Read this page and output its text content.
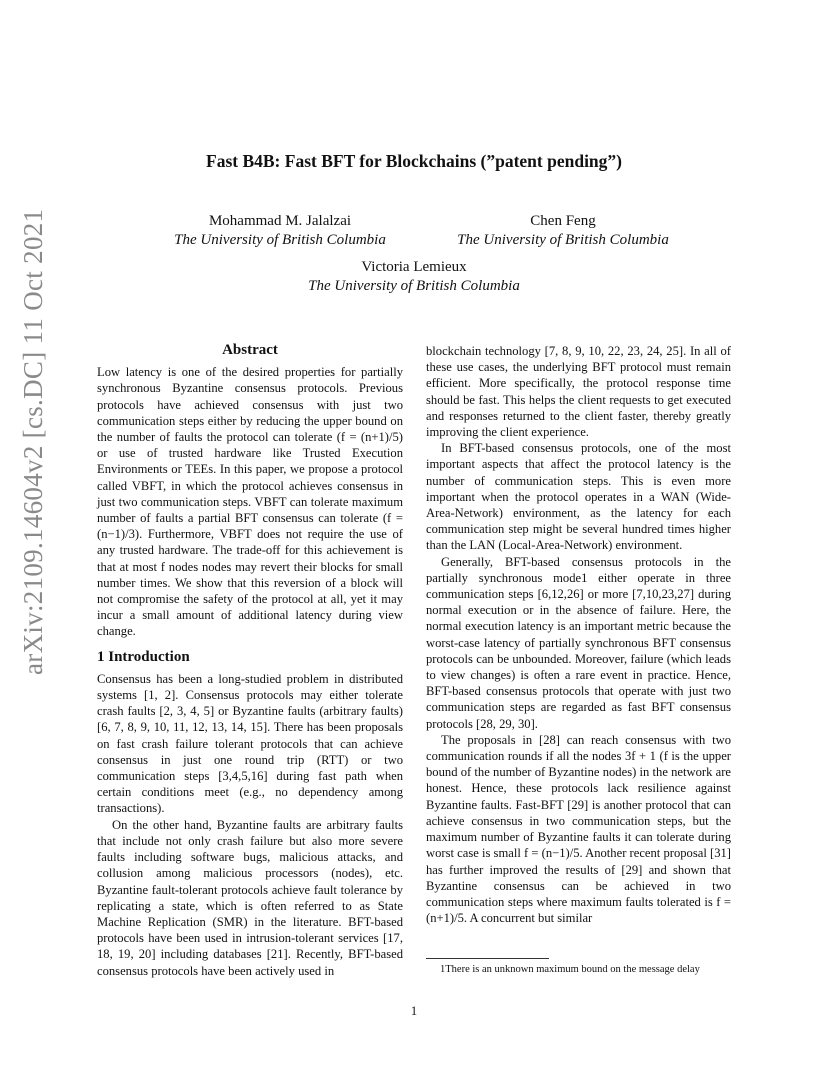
arXiv:2109.14604v2 [cs.DC] 11 Oct 2021
Fast B4B: Fast BFT for Blockchains (”patent pending”)
Mohammad M. Jalalzai
The University of British Columbia
Chen Feng
The University of British Columbia
Victoria Lemieux
The University of British Columbia
Abstract

Low latency is one of the desired properties for partially synchronous Byzantine consensus protocols. Previous protocols have achieved consensus with just two communication steps either by reducing the upper bound on the number of faults the protocol can tolerate (f = (n+1)/5) or use of trusted hardware like Trusted Execution Environments or TEEs. In this paper, we propose a protocol called VBFT, in which the protocol achieves consensus in just two communication steps. VBFT can tolerate maximum number of faults a partial BFT consensus can tolerate (f = (n−1)/3). Furthermore, VBFT does not require the use of any trusted hardware. The trade-off for this achievement is that at most f nodes nodes may revert their blocks for small number times. We show that this reversion of a block will not compromise the safety of the protocol at all, yet it may incur a small amount of additional latency during view change.

1 Introduction

Consensus has been a long-studied problem in distributed systems [1, 2]. Consensus protocols may either tolerate crash faults [2, 3, 4, 5] or Byzantine faults (arbitrary faults) [6, 7, 8, 9, 10, 11, 12, 13, 14, 15]. There has been proposals on fast crash failure tolerant protocols that can achieve consensus in just one round trip (RTT) or two communication steps [3,4,5,16] during fast path when certain conditions meet (e.g., no dependency among transactions).

On the other hand, Byzantine faults are arbitrary faults that include not only crash failure but also more severe faults including software bugs, malicious attacks, and collusion among malicious processors (nodes), etc. Byzantine fault-tolerant protocols achieve fault tolerance by replicating a state, which is often referred to as State Machine Replication (SMR) in the literature. BFT-based protocols have been used in intrusion-tolerant services [17, 18, 19, 20] including databases [21]. Recently, BFT-based consensus protocols have been actively used in

blockchain technology [7, 8, 9, 10, 22, 23, 24, 25]. In all of these use cases, the underlying BFT protocol must remain efficient. More specifically, the protocol response time should be fast. This helps the client requests to get executed and responses returned to the client faster, thereby greatly improving the client experience.

In BFT-based consensus protocols, one of the most important aspects that affect the protocol latency is the number of communication steps. This is even more important when the protocol operates in a WAN (Wide-Area-Network) environment, as the latency for each communication step might be several hundred times higher than the LAN (Local-Area-Network) environment.

Generally, BFT-based consensus protocols in the partially synchronous mode1 either operate in three communication steps [6,12,26] or more [7,10,23,27] during normal execution or in the absence of failure. Here, the normal execution latency is an important metric because the worst-case latency of partially synchronous BFT consensus protocols can be unbounded. Moreover, failure (which leads to view changes) is often a rare event in practice. Hence, BFT-based consensus protocols that operate with just two communication steps are regarded as fast BFT consensus protocols [28, 29, 30].

The proposals in [28] can reach consensus with two communication rounds if all the nodes 3f + 1 (f is the upper bound of the number of Byzantine nodes) in the network are honest. Hence, these protocols lack resilience against Byzantine faults. Fast-BFT [29] is another protocol that can achieve consensus in two communication steps, but the maximum number of Byzantine faults it can tolerate during worst case is small f = (n−1)/5. Another recent proposal [31] has further improved the results of [29] and shown that Byzantine consensus can be achieved in two communication steps where maximum faults tolerated is f = (n+1)/5. A concurrent but similar

1There is an unknown maximum bound on the message delay
1
